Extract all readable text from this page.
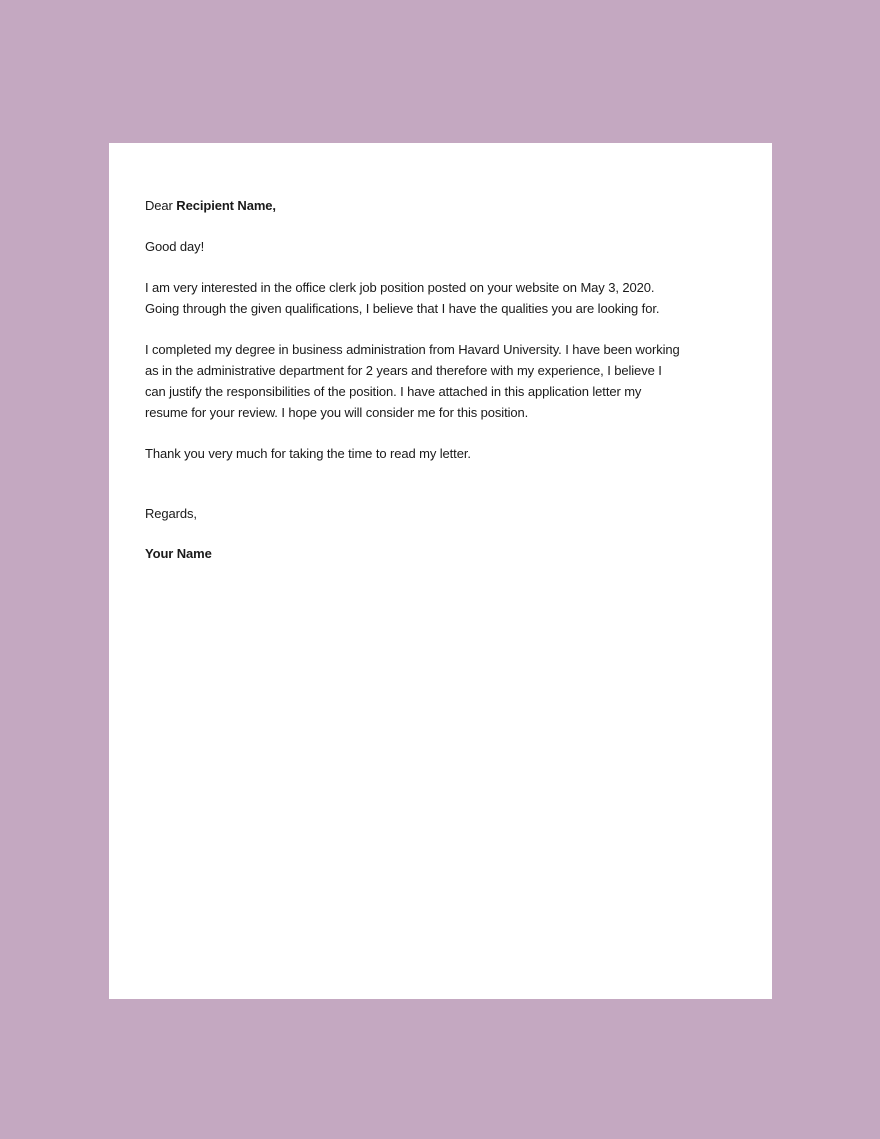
Dear Recipient Name,

Good day!

I am very interested in the office clerk job position posted on your website on May 3, 2020.

Going through the given qualifications, I believe that I have the qualities you are looking for.

I completed my degree in business administration from Havard University. I have been working

as in the administrative department for 2 years and therefore with my experience, I believe I

can justify the responsibilities of the position. I have attached in this application letter my

resume for your review. I hope you will consider me for this position.

Thank you very much for taking the time to read my letter.

Regards,

Your Name
